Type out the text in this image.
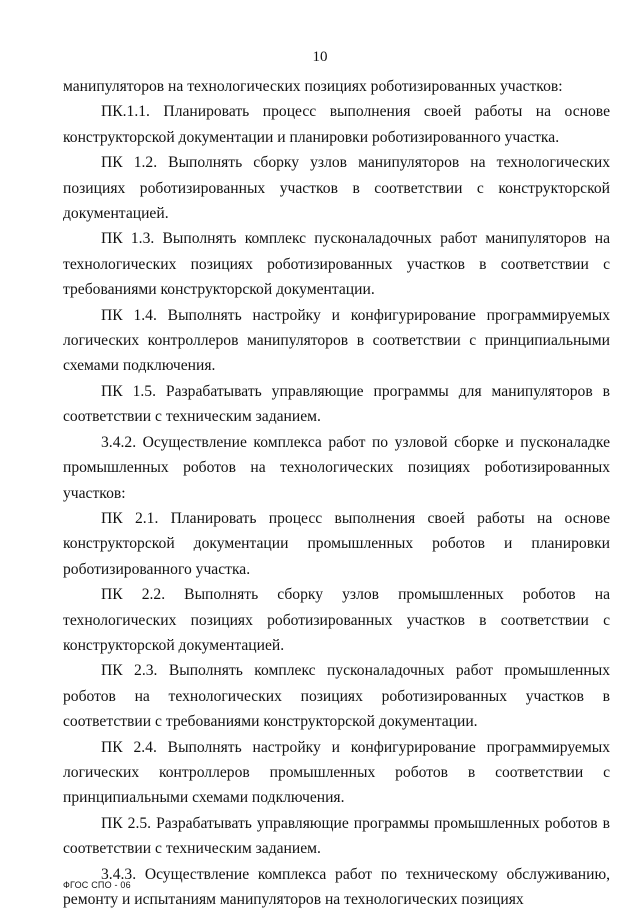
10

манипуляторов на технологических позициях роботизированных участков:

ПК.1.1. Планировать процесс выполнения своей работы на основе конструкторской документации и планировки роботизированного участка.

ПК 1.2. Выполнять сборку узлов манипуляторов на технологических позициях роботизированных участков в соответствии с конструкторской документацией.

ПК 1.3. Выполнять комплекс пусконаладочных работ манипуляторов на технологических позициях роботизированных участков в соответствии с требованиями конструкторской документации.

ПК 1.4. Выполнять настройку и конфигурирование программируемых логических контроллеров манипуляторов в соответствии с принципиальными схемами подключения.

ПК 1.5. Разрабатывать управляющие программы для манипуляторов в соответствии с техническим заданием.

3.4.2. Осуществление комплекса работ по узловой сборке и пусконаладке промышленных роботов на технологических позициях роботизированных участков:

ПК 2.1. Планировать процесс выполнения своей работы на основе конструкторской документации промышленных роботов и планировки роботизированного участка.

ПК 2.2. Выполнять сборку узлов промышленных роботов на технологических позициях роботизированных участков в соответствии с конструкторской документацией.

ПК 2.3. Выполнять комплекс пусконаладочных работ промышленных роботов на технологических позициях роботизированных участков в соответствии с требованиями конструкторской документации.

ПК 2.4. Выполнять настройку и конфигурирование программируемых логических контроллеров промышленных роботов в соответствии с принципиальными схемами подключения.

ПК 2.5. Разрабатывать управляющие программы промышленных роботов в соответствии с техническим заданием.

3.4.3. Осуществление комплекса работ по техническому обслуживанию, ремонту и испытаниям манипуляторов на технологических позициях

ФГОС СПО - 06
